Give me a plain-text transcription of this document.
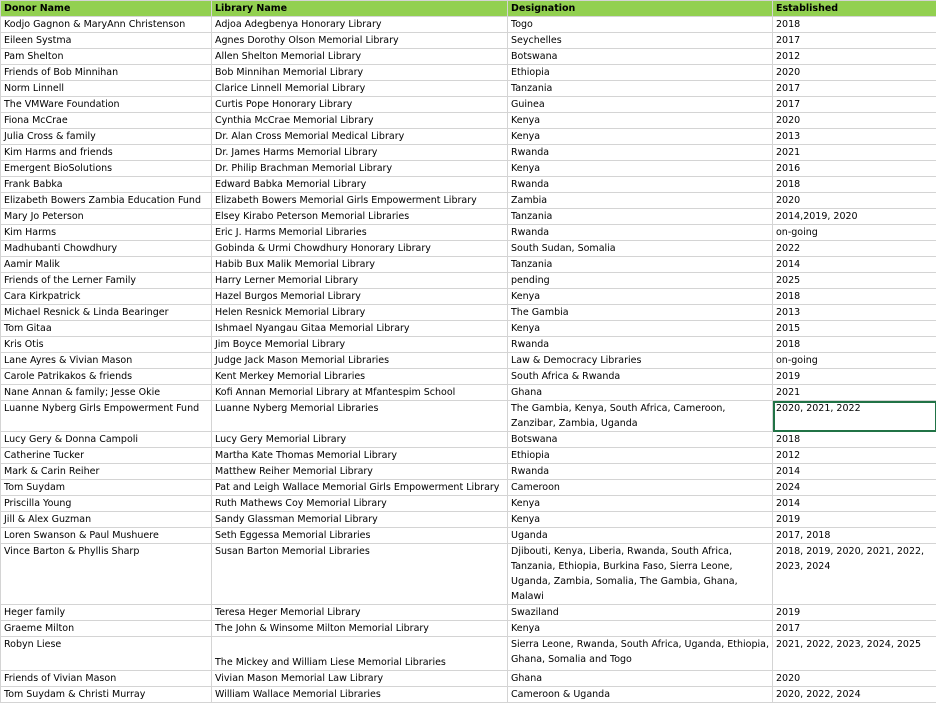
Donor Name	Library Name	Designation	Established
Kodjo Gagnon & MaryAnn Christenson	Adjoa Adegbenya Honorary Library	Togo	2018
Eileen Systma	Agnes Dorothy Olson Memorial Library	Seychelles	2017
Pam Shelton	Allen Shelton Memorial Library	Botswana	2012
Friends of Bob Minnihan	Bob Minnihan Memorial Library	Ethiopia	2020
Norm Linnell	Clarice Linnell Memorial Library	Tanzania	2017
The VMWare Foundation	Curtis Pope Honorary Library	Guinea	2017
Fiona McCrae	Cynthia McCrae Memorial Library	Kenya	2020
Julia Cross & family	Dr. Alan Cross Memorial Medical Library	Kenya	2013
Kim Harms and friends	Dr. James Harms Memorial Library	Rwanda	2021
Emergent BioSolutions	Dr. Philip Brachman Memorial Library	Kenya	2016
Frank Babka	Edward Babka Memorial Library	Rwanda	2018
Elizabeth Bowers Zambia Education Fund	Elizabeth Bowers Memorial Girls Empowerment Library	Zambia	2020
Mary Jo Peterson	Elsey Kirabo Peterson Memorial Libraries	Tanzania	2014,2019, 2020
Kim Harms	Eric J. Harms Memorial Libraries	Rwanda	on-going
Madhubanti Chowdhury	Gobinda & Urmi Chowdhury Honorary Library	South Sudan, Somalia	2022
Aamir Malik	Habib Bux Malik Memorial Library	Tanzania	2014
Friends of the Lerner Family	Harry Lerner Memorial Library	pending	2025
Cara Kirkpatrick	Hazel Burgos Memorial Library	Kenya	2018
Michael Resnick & Linda Bearinger	Helen Resnick Memorial Library	The Gambia	2013
Tom Gitaa	Ishmael Nyangau Gitaa Memorial Library	Kenya	2015
Kris Otis	Jim Boyce Memorial Library	Rwanda	2018
Lane Ayres & Vivian Mason	Judge Jack Mason Memorial Libraries	Law & Democracy Libraries	on-going
Carole Patrikakos & friends	Kent Merkey Memorial Libraries	South Africa & Rwanda	2019
Nane Annan & family; Jesse Okie	Kofi Annan Memorial Library at Mfantespim School	Ghana	2021
Luanne Nyberg Girls Empowerment Fund	Luanne Nyberg Memorial Libraries	The Gambia, Kenya, South Africa, Cameroon, Zanzibar, Zambia, Uganda	2020, 2021, 2022
Lucy Gery & Donna Campoli	Lucy Gery Memorial Library	Botswana	2018
Catherine Tucker	Martha Kate Thomas Memorial Library	Ethiopia	2012
Mark & Carin Reiher	Matthew Reiher Memorial Library	Rwanda	2014
Tom Suydam	Pat and Leigh Wallace Memorial Girls Empowerment Library	Cameroon	2024
Priscilla Young	Ruth Mathews Coy Memorial Library	Kenya	2014
Jill & Alex Guzman	Sandy Glassman Memorial Library	Kenya	2019
Loren Swanson & Paul Mushuere	Seth Eggessa Memorial Libraries	Uganda	2017, 2018
Vince Barton & Phyllis Sharp	Susan Barton Memorial Libraries	Djibouti, Kenya, Liberia, Rwanda, South Africa, Tanzania, Ethiopia, Burkina Faso, Sierra Leone, Uganda, Zambia, Somalia, The Gambia, Ghana, Malawi	2018, 2019, 2020, 2021, 2022, 2023, 2024
Heger family	Teresa Heger Memorial Library	Swaziland	2019
Graeme Milton	The John & Winsome Milton Memorial Library	Kenya	2017
Robyn Liese	The Mickey and William Liese Memorial Libraries	Sierra Leone, Rwanda, South Africa, Uganda, Ethiopia, Ghana, Somalia and Togo	2021, 2022, 2023, 2024, 2025
Friends of Vivian Mason	Vivian Mason Memorial Law Library	Ghana	2020
Tom Suydam & Christi Murray	William Wallace Memorial Libraries	Cameroon & Uganda	2020, 2022, 2024
